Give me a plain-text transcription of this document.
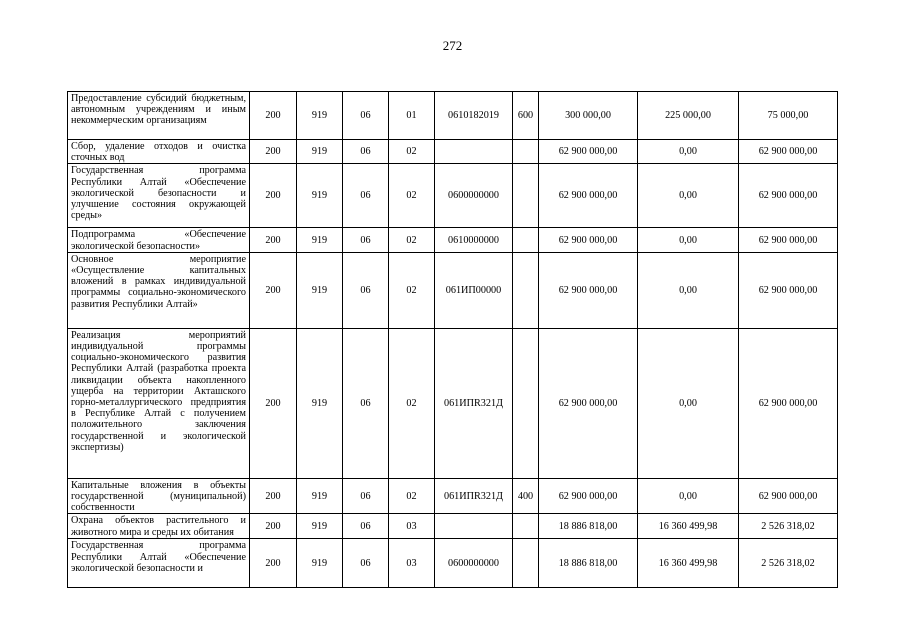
272
Предоставление субсидий бюджетным, автономным учреждениям и иным некоммерческим организациям	200	919	06	01	0610182019	600	300 000,00	225 000,00	75 000,00
Сбор, удаление отходов и очистка сточных вод	200	919	06	02			62 900 000,00	0,00	62 900 000,00
Государственная программа Республики Алтай «Обеспечение экологической безопасности и улучшение состояния окружающей среды»	200	919	06	02	0600000000		62 900 000,00	0,00	62 900 000,00
Подпрограмма «Обеспечение экологической безопасности»	200	919	06	02	0610000000		62 900 000,00	0,00	62 900 000,00
Основное мероприятие «Осуществление капитальных вложений в рамках индивидуальной программы социально-экономического развития Республики Алтай»	200	919	06	02	061ИП00000		62 900 000,00	0,00	62 900 000,00
Реализация мероприятий индивидуальной программы социально-экономического развития Республики Алтай (разработка проекта ликвидации объекта накопленного ущерба на территории Акташского горно-металлургического предприятия в Республике Алтай с получением положительного заключения государственной и экологической экспертизы)	200	919	06	02	061ИПR321Д		62 900 000,00	0,00	62 900 000,00
Капитальные вложения в объекты государственной (муниципальной) собственности	200	919	06	02	061ИПR321Д	400	62 900 000,00	0,00	62 900 000,00
Охрана объектов растительного и животного мира и среды их обитания	200	919	06	03			18 886 818,00	16 360 499,98	2 526 318,02

Государственная программа Республики Алтай «Обеспечение экологической безопасности и	200	919	06	03	0600000000		18 886 818,00	16 360 499,98	2 526 318,02
